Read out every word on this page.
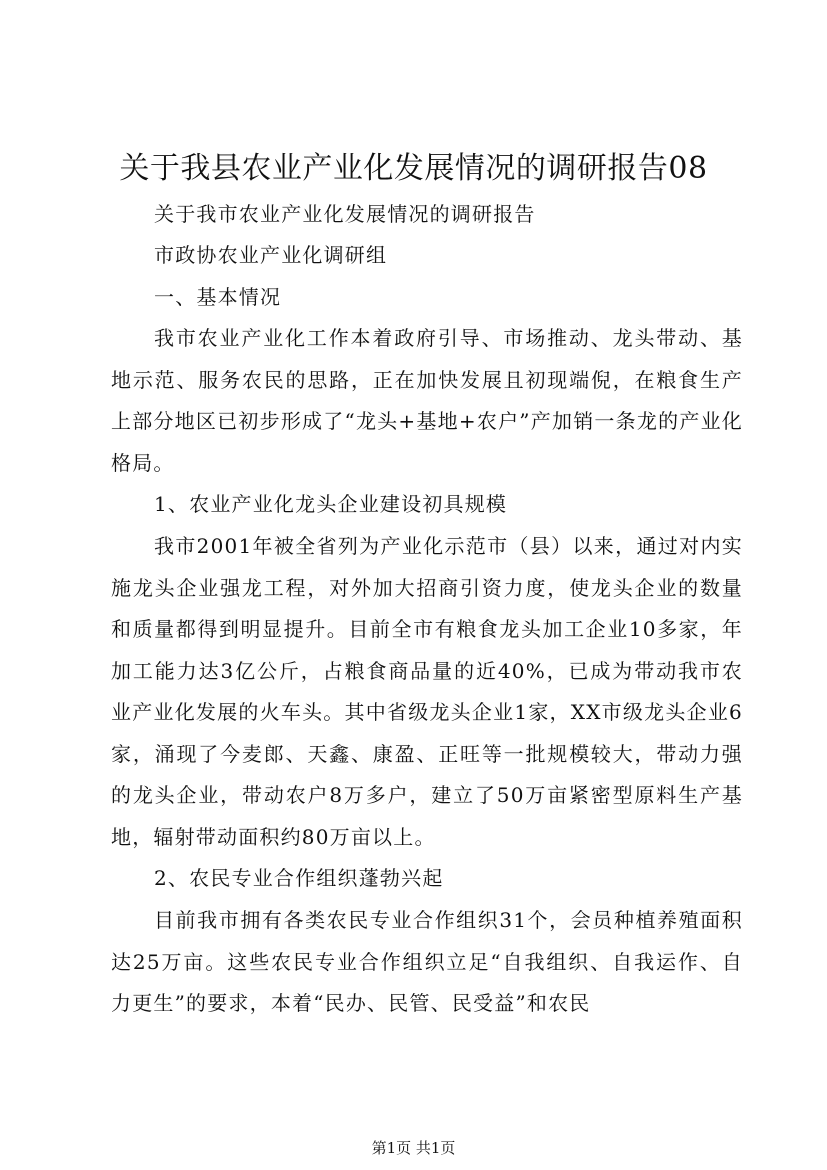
关于我县农业产业化发展情况的调研报告08

关于我市农业产业化发展情况的调研报告

市政协农业产业化调研组

一、基本情况

我市农业产业化工作本着政府引导、市场推动、龙头带动、基地示范、服务农民的思路，正在加快发展且初现端倪，在粮食生产上部分地区已初步形成了“龙头+基地+农户”产加销一条龙的产业化格局。

1、农业产业化龙头企业建设初具规模

我市2001年被全省列为产业化示范市（县）以来，通过对内实施龙头企业强龙工程，对外加大招商引资力度，使龙头企业的数量和质量都得到明显提升。目前全市有粮食龙头加工企业10多家，年加工能力达3亿公斤，占粮食商品量的近40%，已成为带动我市农业产业化发展的火车头。其中省级龙头企业1家，XX市级龙头企业6家，涌现了今麦郎、天鑫、康盈、正旺等一批规模较大，带动力强的龙头企业，带动农户8万多户，建立了50万亩紧密型原料生产基地，辐射带动面积约80万亩以上。

2、农民专业合作组织蓬勃兴起

目前我市拥有各类农民专业合作组织31个，会员种植养殖面积达25万亩。这些农民专业合作组织立足“自我组织、自我运作、自力更生”的要求，本着“民办、民管、民受益”和农民

第1页 共1页
